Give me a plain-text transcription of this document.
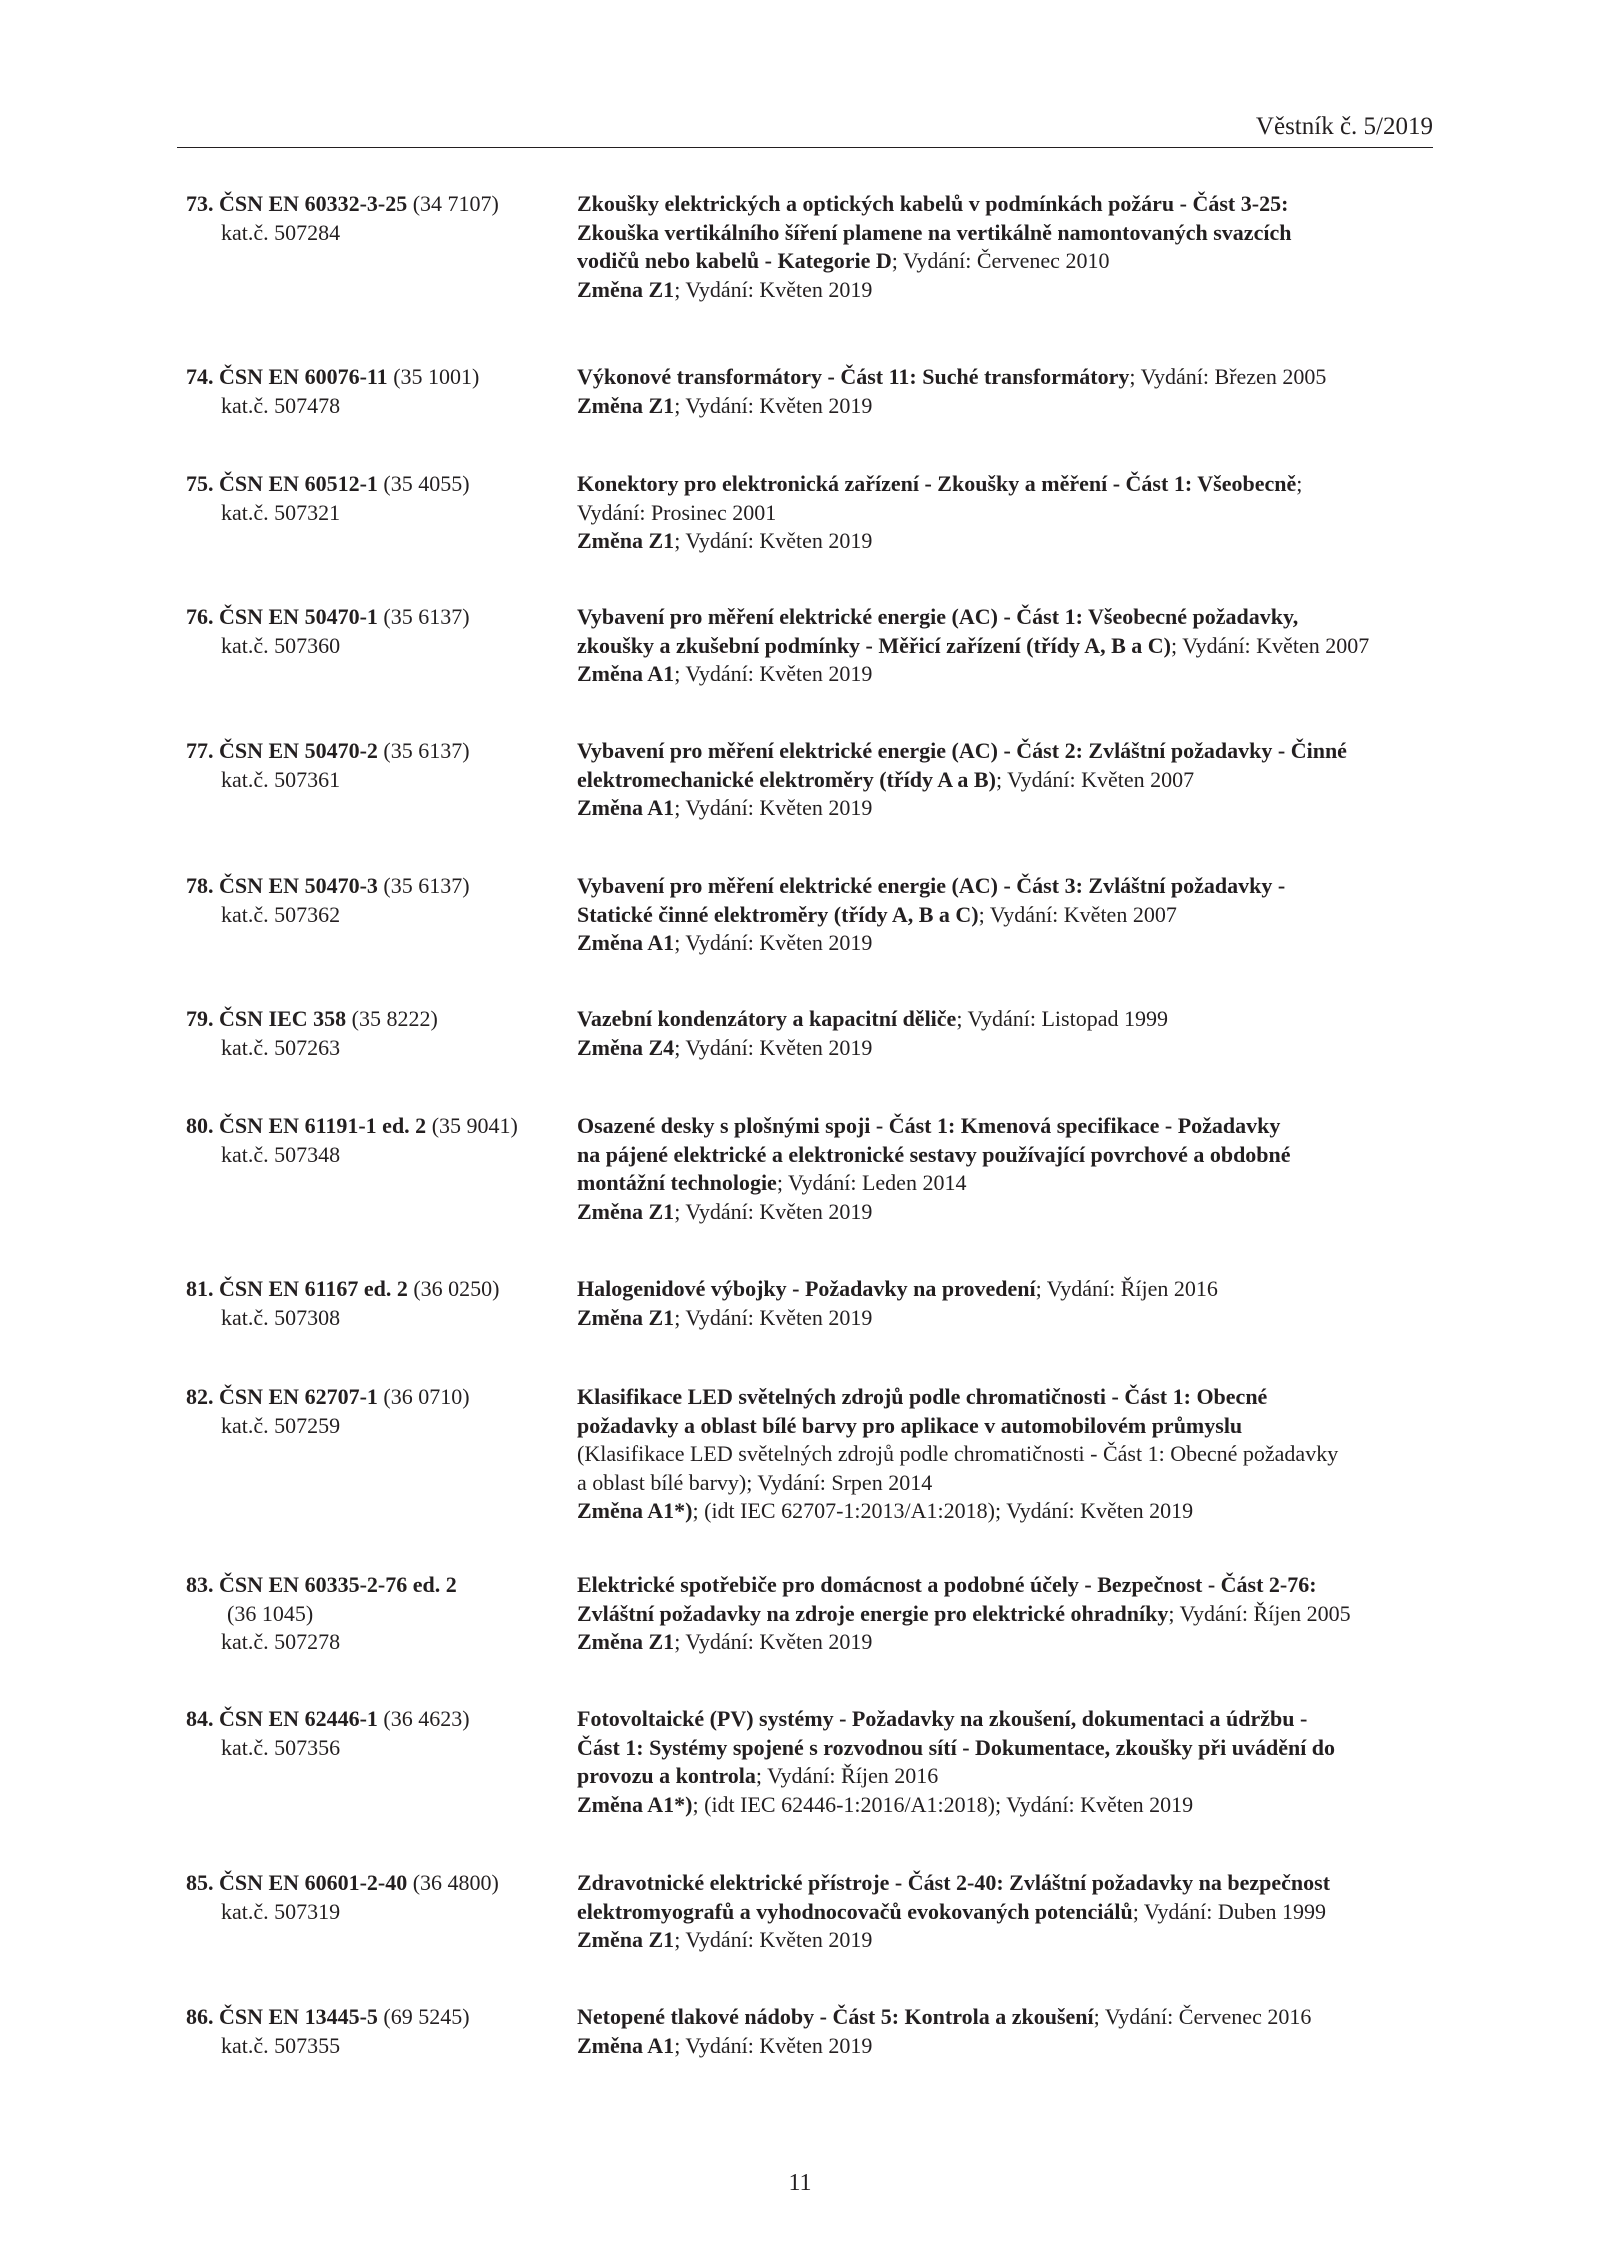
Věstník č. 5/2019
73. ČSN EN 60332-3-25 (34 7107)
kat.č. 507284
Zkoušky elektrických a optických kabelů v podmínkách požáru - Část 3-25:
Zkouška vertikálního šíření plamene na vertikálně namontovaných svazcích
vodičů nebo kabelů - Kategorie D; Vydání: Červenec 2010
Změna Z1; Vydání: Květen 2019
74. ČSN EN 60076-11 (35 1001)
kat.č. 507478
Výkonové transformátory - Část 11: Suché transformátory; Vydání: Březen 2005
Změna Z1; Vydání: Květen 2019
75. ČSN EN 60512-1 (35 4055)
kat.č. 507321
Konektory pro elektronická zařízení - Zkoušky a měření - Část 1: Všeobecně;
Vydání: Prosinec 2001
Změna Z1; Vydání: Květen 2019
76. ČSN EN 50470-1 (35 6137)
kat.č. 507360
Vybavení pro měření elektrické energie (AC) - Část 1: Všeobecné požadavky,
zkoušky a zkušební podmínky - Měřicí zařízení (třídy A, B a C); Vydání: Květen 2007
Změna A1; Vydání: Květen 2019
77. ČSN EN 50470-2 (35 6137)
kat.č. 507361
Vybavení pro měření elektrické energie (AC) - Část 2: Zvláštní požadavky - Činné
elektromechanické elektroměry (třídy A a B); Vydání: Květen 2007
Změna A1; Vydání: Květen 2019
78. ČSN EN 50470-3 (35 6137)
kat.č. 507362
Vybavení pro měření elektrické energie (AC) - Část 3: Zvláštní požadavky -
Statické činné elektroměry (třídy A, B a C); Vydání: Květen 2007
Změna A1; Vydání: Květen 2019
79. ČSN IEC 358 (35 8222)
kat.č. 507263
Vazební kondenzátory a kapacitní děliče; Vydání: Listopad 1999
Změna Z4; Vydání: Květen 2019
80. ČSN EN 61191-1 ed. 2 (35 9041)
kat.č. 507348
Osazené desky s plošnými spoji - Část 1: Kmenová specifikace - Požadavky
na pájené elektrické a elektronické sestavy používající povrchové a obdobné
montážní technologie; Vydání: Leden 2014
Změna Z1; Vydání: Květen 2019
81. ČSN EN 61167 ed. 2 (36 0250)
kat.č. 507308
Halogenidové výbojky - Požadavky na provedení; Vydání: Říjen 2016
Změna Z1; Vydání: Květen 2019
82. ČSN EN 62707-1 (36 0710)
kat.č. 507259
Klasifikace LED světelných zdrojů podle chromatičnosti - Část 1: Obecné
požadavky a oblast bílé barvy pro aplikace v automobilovém průmyslu
(Klasifikace LED světelných zdrojů podle chromatičnosti - Část 1: Obecné požadavky
a oblast bílé barvy); Vydání: Srpen 2014
Změna A1*); (idt IEC 62707-1:2013/A1:2018); Vydání: Květen 2019
83. ČSN EN 60335-2-76 ed. 2
(36 1045)
kat.č. 507278
Elektrické spotřebiče pro domácnost a podobné účely - Bezpečnost - Část 2-76:
Zvláštní požadavky na zdroje energie pro elektrické ohradníky; Vydání: Říjen 2005
Změna Z1; Vydání: Květen 2019
84. ČSN EN 62446-1 (36 4623)
kat.č. 507356
Fotovoltaické (PV) systémy - Požadavky na zkoušení, dokumentaci a údržbu -
Část 1: Systémy spojené s rozvodnou sítí - Dokumentace, zkoušky při uvádění do
provozu a kontrola; Vydání: Říjen 2016
Změna A1*); (idt IEC 62446-1:2016/A1:2018); Vydání: Květen 2019
85. ČSN EN 60601-2-40 (36 4800)
kat.č. 507319
Zdravotnické elektrické přístroje - Část 2-40: Zvláštní požadavky na bezpečnost
elektromyografů a vyhodnocovačů evokovaných potenciálů; Vydání: Duben 1999
Změna Z1; Vydání: Květen 2019
86. ČSN EN 13445-5 (69 5245)
kat.č. 507355
Netopené tlakové nádoby - Část 5: Kontrola a zkoušení; Vydání: Červenec 2016
Změna A1; Vydání: Květen 2019
11
